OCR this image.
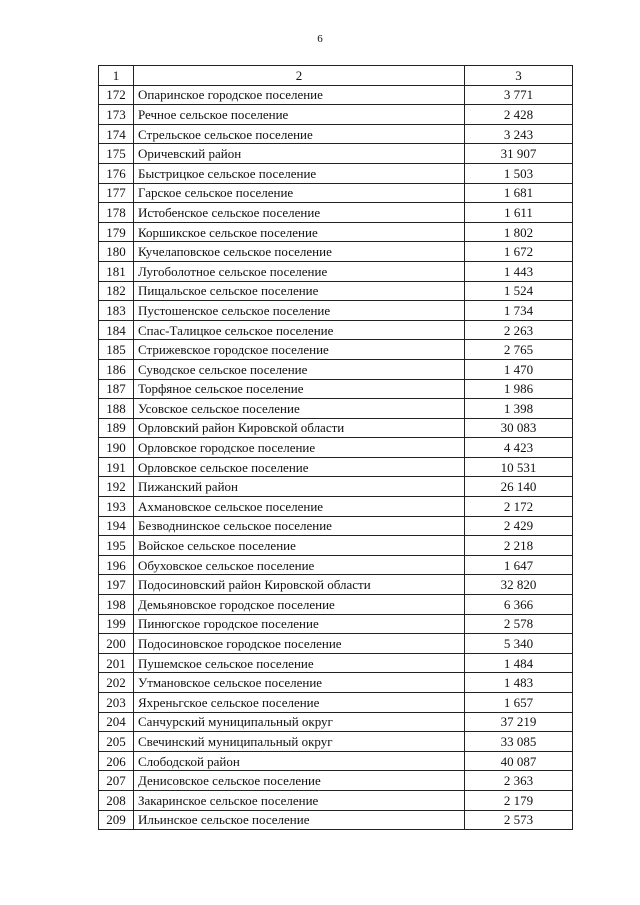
6
1	2	3
172	Опаринское городское поселение	3 771
173	Речное сельское поселение	2 428
174	Стрельское сельское поселение	3 243
175	Оричевский район	31 907
176	Быстрицкое сельское поселение	1 503
177	Гарское сельское поселение	1 681
178	Истобенское сельское поселение	1 611
179	Коршикское сельское поселение	1 802
180	Кучелаповское сельское поселение	1 672
181	Лугоболотное сельское поселение	1 443
182	Пищальское сельское поселение	1 524
183	Пустошенское сельское поселение	1 734
184	Спас-Талицкое сельское поселение	2 263
185	Стрижевское городское поселение	2 765
186	Суводское сельское поселение	1 470
187	Торфяное сельское поселение	1 986
188	Усовское сельское поселение	1 398
189	Орловский район Кировской области	30 083
190	Орловское городское поселение	4 423
191	Орловское сельское поселение	10 531
192	Пижанский район	26 140
193	Ахмановское сельское поселение	2 172
194	Безводнинское сельское поселение	2 429
195	Войское сельское поселение	2 218
196	Обуховское сельское поселение	1 647
197	Подосиновский район Кировской области	32 820
198	Демьяновское городское поселение	6 366
199	Пинюгское городское поселение	2 578
200	Подосиновское городское поселение	5 340
201	Пушемское сельское поселение	1 484
202	Утмановское сельское поселение	1 483
203	Яхреньгское сельское поселение	1 657
204	Санчурский муниципальный округ	37 219
205	Свечинский муниципальный округ	33 085
206	Слободской район	40 087
207	Денисовское сельское поселение	2 363
208	Закаринское сельское поселение	2 179
209	Ильинское сельское поселение	2 573
